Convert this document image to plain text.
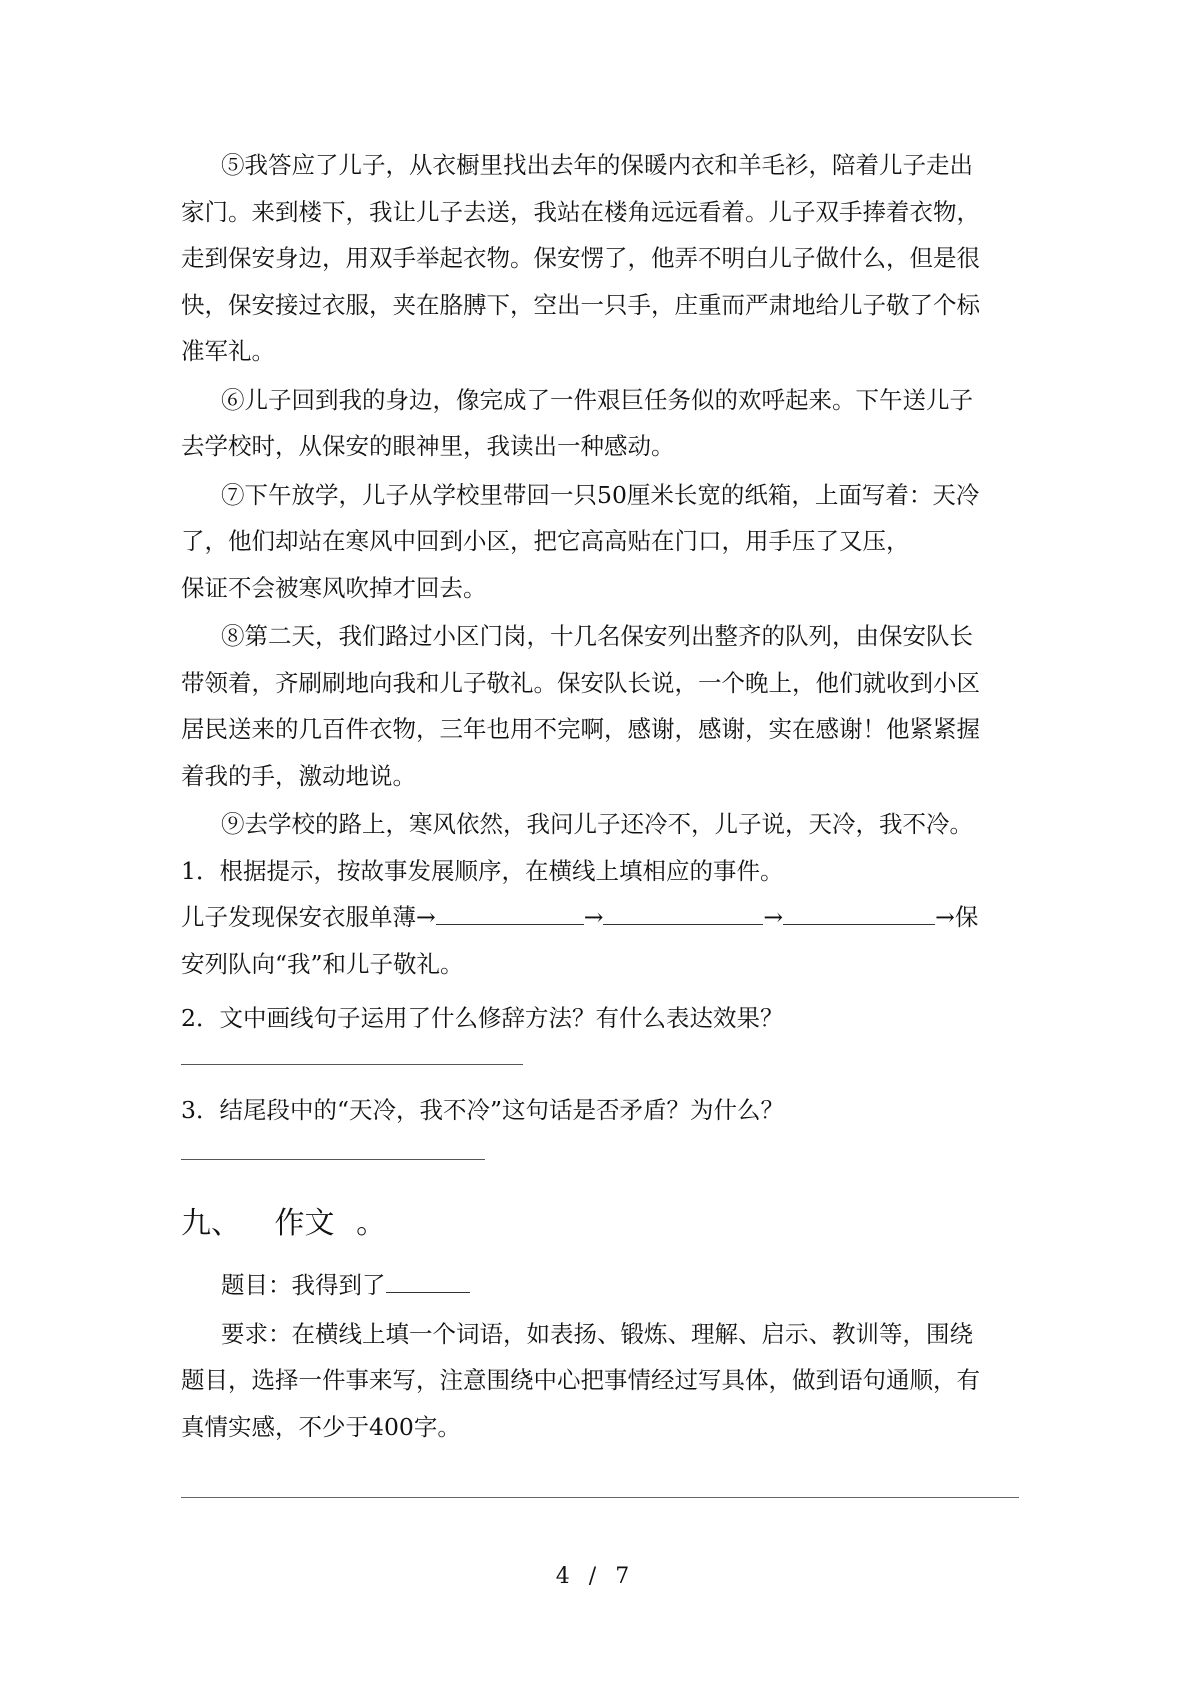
⑤我答应了儿子，从衣橱里找出去年的保暖内衣和羊毛衫，陪着儿子走出
家门。来到楼下，我让儿子去送，我站在楼角远远看着。儿子双手捧着衣物，
走到保安身边，用双手举起衣物。保安愣了，他弄不明白儿子做什么，但是很
快，保安接过衣服，夹在胳膊下，空出一只手，庄重而严肃地给儿子敬了个标
准军礼。

⑥儿子回到我的身边，像完成了一件艰巨任务似的欢呼起来。下午送儿子
去学校时，从保安的眼神里，我读出一种感动。

⑦下午放学，儿子从学校里带回一只50厘米长宽的纸箱，上面写着：天冷
了，他们却站在寒风中回到小区，把它高高贴在门口，用手压了又压，
保证不会被寒风吹掉才回去。

⑧第二天，我们路过小区门岗，十几名保安列出整齐的队列，由保安队长
带领着，齐刷刷地向我和儿子敬礼。保安队长说，一个晚上，他们就收到小区
居民送来的几百件衣物，三年也用不完啊，感谢，感谢，实在感谢！他紧紧握
着我的手，激动地说。

⑨去学校的路上，寒风依然，我问儿子还冷不，儿子说，天冷，我不冷。

1．根据提示，按故事发展顺序，在横线上填相应的事件。

儿子发现保安衣服单薄→	→	→	→保

安列队向“我”和儿子敬礼。

2．文中画线句子运用了什么修辞方法？有什么表达效果？

3．结尾段中的“天冷，我不冷”这句话是否矛盾？为什么？

九、 作文 。

题目：我得到了

要求：在横线上填一个词语，如表扬、锻炼、理解、启示、教训等，围绕
题目，选择一件事来写，注意围绕中心把事情经过写具体，做到语句通顺，有
真情实感，不少于400字。

4 / 7
